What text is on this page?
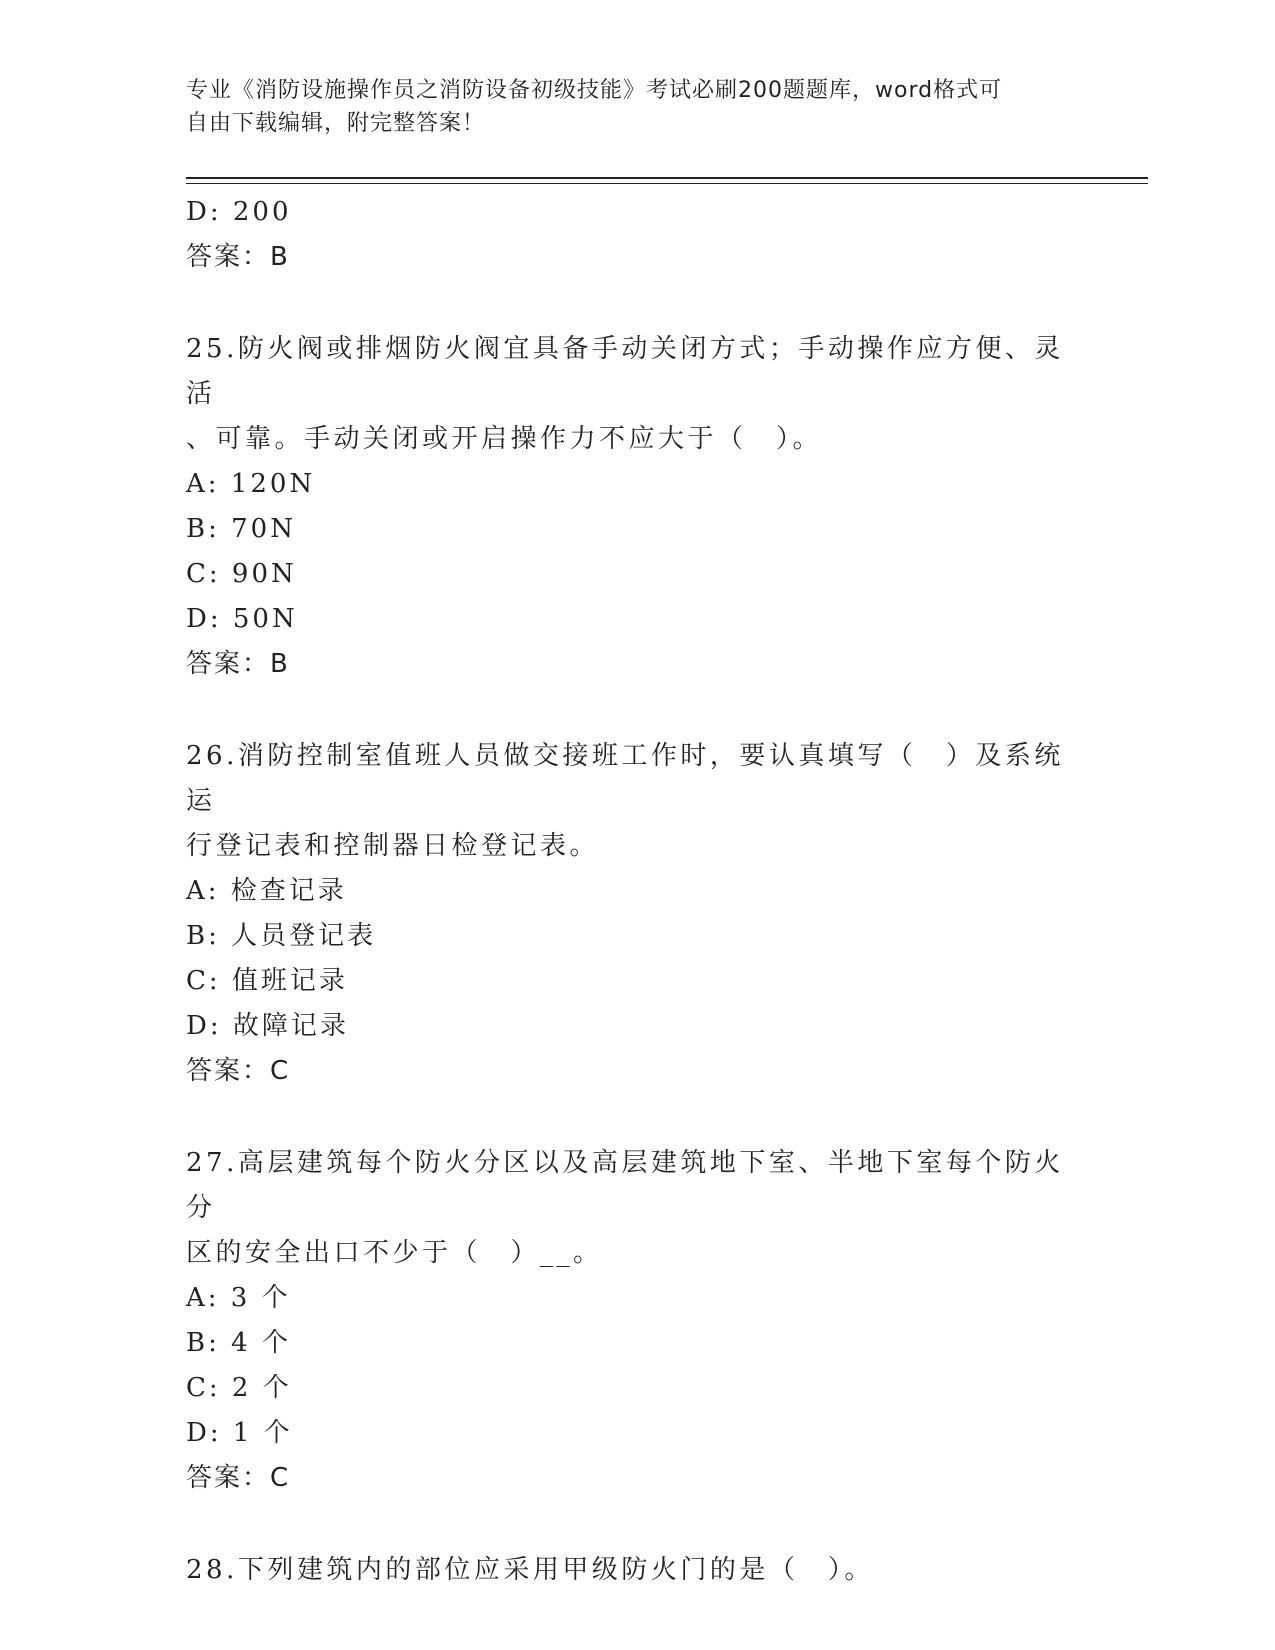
专业《消防设施操作员之消防设备初级技能》考试必刷200题题库，word格式可
自由下载编辑，附完整答案！
D: 200
答案：B
25.防火阀或排烟防火阀宜具备手动关闭方式；手动操作应方便、灵活
、可靠。手动关闭或开启操作力不应大于（　）。
A: 120N
B: 70N
C: 90N
D: 50N
答案：B
26.消防控制室值班人员做交接班工作时，要认真填写（　）及系统运
行登记表和控制器日检登记表。
A: 检查记录
B: 人员登记表
C: 值班记录
D: 故障记录
答案：C
27.高层建筑每个防火分区以及高层建筑地下室、半地下室每个防火分
区的安全出口不少于（　）__。
A: 3 个
B: 4 个
C: 2 个
D: 1 个
答案：C
28.下列建筑内的部位应采用甲级防火门的是（　）。
